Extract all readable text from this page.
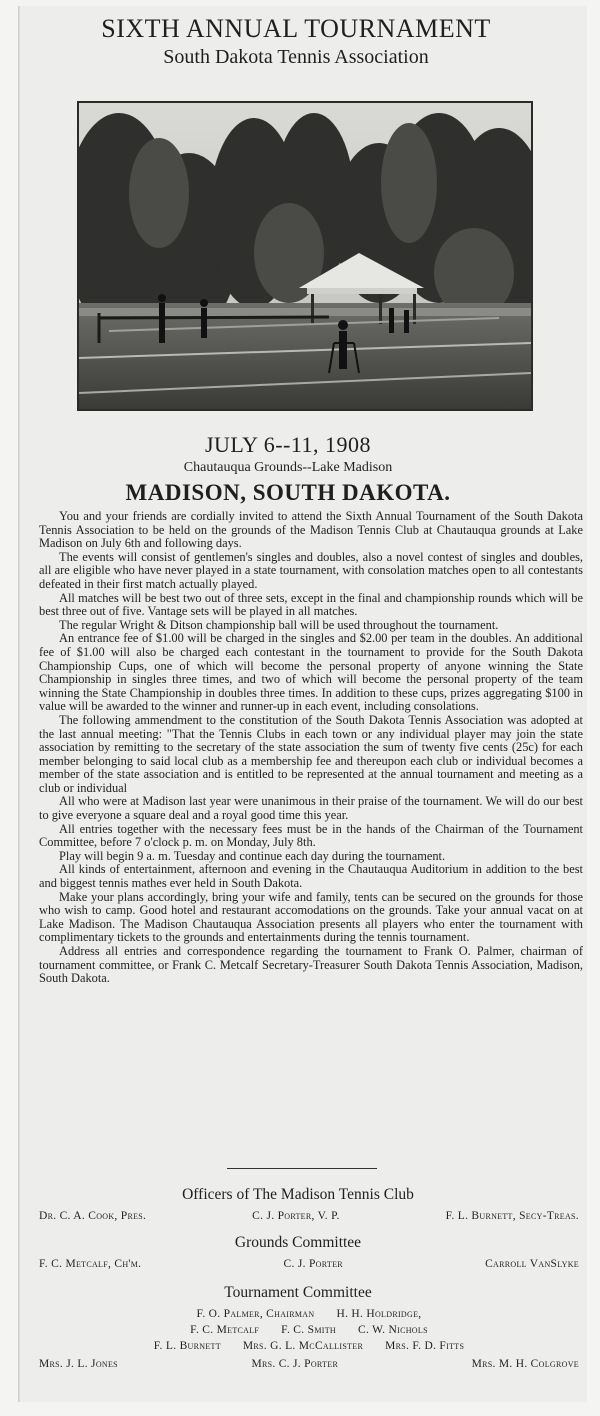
SIXTH ANNUAL TOURNAMENT
South Dakota Tennis Association
JULY 6--11, 1908
Chautauqua Grounds--Lake Madison
MADISON, SOUTH DAKOTA.

You and your friends are cordially invited to attend the Sixth Annual Tournament of the South Dakota Tennis Association to be held on the grounds of the Madison Tennis Club at Chautauqua grounds at Lake Madison on July 6th and following days.

The events will consist of gentlemen's singles and doubles, also a novel contest of singles and doubles, all are eligible who have never played in a state tournament, with consolation matches open to all contestants defeated in their first match actually played.

All matches will be best two out of three sets, except in the final and championship rounds which will be best three out of five. Vantage sets will be played in all matches.

The regular Wright & Ditson championship ball will be used throughout the tournament.

An entrance fee of $1.00 will be charged in the singles and $2.00 per team in the doubles. An additional fee of $1.00 will also be charged each contestant in the tournament to provide for the South Dakota Championship Cups, one of which will become the personal property of anyone winning the State Championship in singles three times, and two of which will become the personal property of the team winning the State Championship in doubles three times. In addition to these cups, prizes aggregating $100 in value will be awarded to the winner and runner-up in each event, including consolations.

The following ammendment to the constitution of the South Dakota Tennis Association was adopted at the last annual meeting: "That the Tennis Clubs in each town or any individual player may join the state association by remitting to the secretary of the state association the sum of twenty five cents (25c) for each member belonging to said local club as a membership fee and thereupon each club or individual becomes a member of the state association and is entitled to be represented at the annual tournament and meeting as a club or individual

All who were at Madison last year were unanimous in their praise of the tournament. We will do our best to give everyone a square deal and a royal good time this year.

All entries together with the necessary fees must be in the hands of the Chairman of the Tournament Committee, before 7 o'clock p. m. on Monday, July 8th.

Play will begin 9 a. m. Tuesday and continue each day during the tournament.

All kinds of entertainment, afternoon and evening in the Chautauqua Auditorium in addition to the best and biggest tennis mathes ever held in South Dakota.

Make your plans accordingly, bring your wife and family, tents can be secured on the grounds for those who wish to camp. Good hotel and restaurant accomodations on the grounds. Take your annual vacat on at Lake Madison. The Madison Chautauqua Association presents all players who enter the tournament with complimentary tickets to the grounds and entertainments during the tennis tournament.

Address all entries and correspondence regarding the tournament to Frank O. Palmer, chairman of tournament committee, or Frank C. Metcalf Secretary-Treasurer South Dakota Tennis Association, Madison, South Dakota.

Officers of The Madison Tennis Club
Dr. C. A. Cook, Pres.	C. J. Porter, V. P.	F. L. Burnett, Secy-Treas.
Grounds Committee
F. C. Metcalf, Ch'm.	C. J. Porter	Carroll VanSlyke
Tournament Committee
F. O. Palmer, Chairman H. H. Holdridge,
F. C. Metcalf F. C. Smith C. W. Nichols
F. L. Burnett Mrs. G. L. McCallister Mrs. F. D. Fitts
Mrs. J. L. Jones	Mrs. C. J. Porter	Mrs. M. H. Colgrove
